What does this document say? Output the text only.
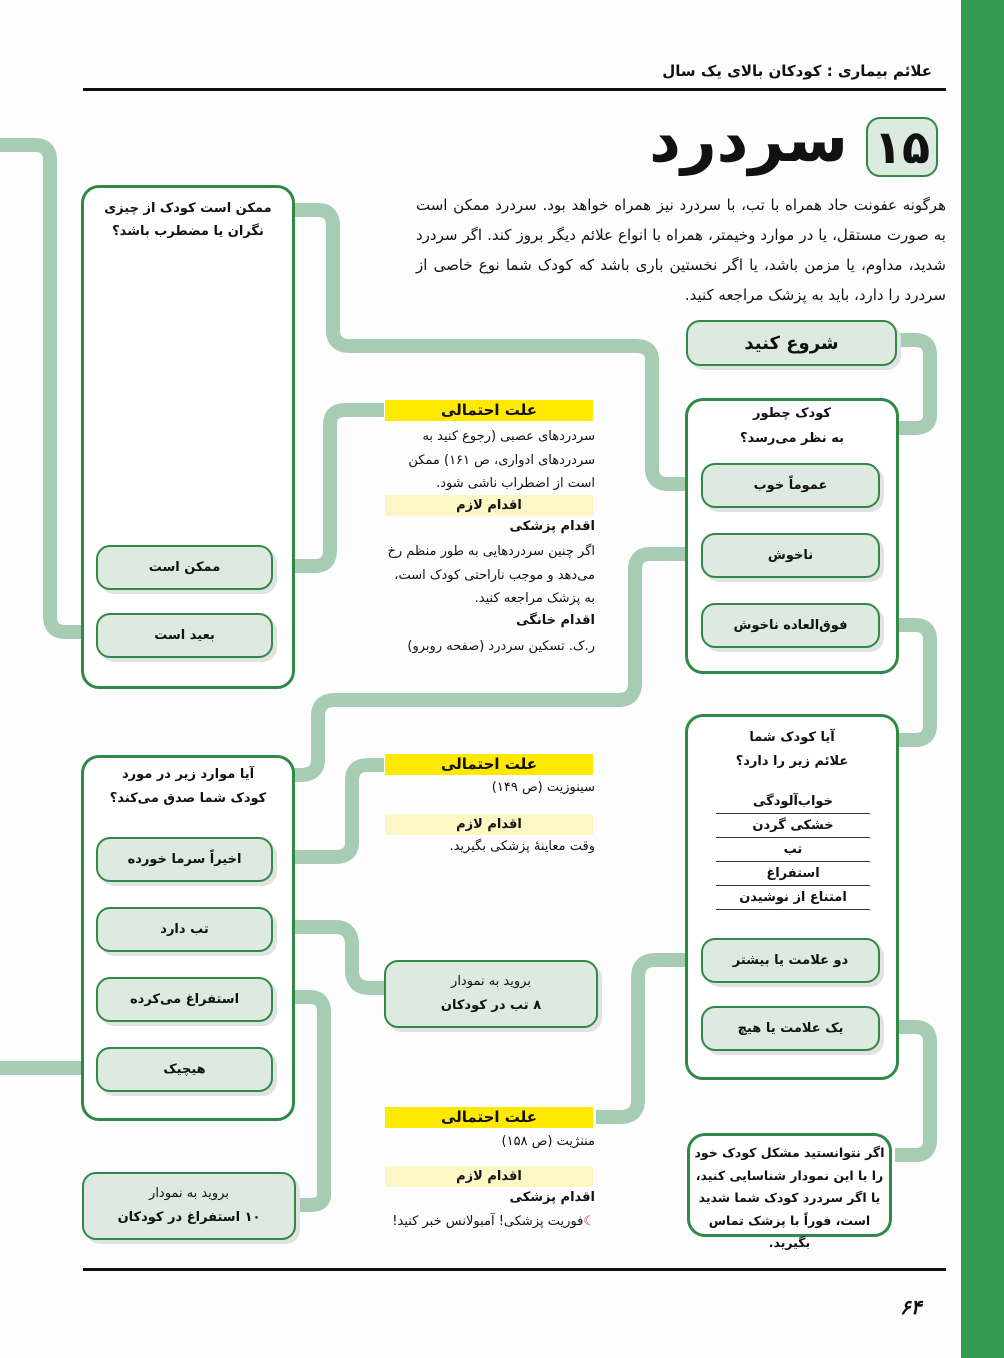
علائم بیماری : کودکان بالای یک سال
۱۵
سردرد
هرگونه عفونت حاد همراه با تب، با سردرد نیز همراه خواهد بود. سردرد ممکن است به صورت مستقل، یا در موارد وخیمتر، همراه با انواع علائم دیگر بروز کند. اگر سردرد شدید، مداوم، یا مزمن باشد، یا اگر نخستین باری باشد که کودک شما نوع خاصی از سردرد را دارد، باید به پزشک مراجعه کنید.
ممکن است کودک از چیزی
نگران یا مضطرب باشد؟
ممکن است
بعید است
شروع کنید
کودک چطور
به نظر می‌رسد؟
عموماً خوب
ناخوش
فوق‌العاده ناخوش
علت احتمالی
سردردهای عصبی (رجوع کنید به سردردهای ادواری، ص ۱۶۱) ممکن است از اضطراب ناشی شود.
اقدام لازم
اقدام پزشکی
اگر چنین سردردهایی به طور منظم رخ می‌دهد و موجب ناراحتی کودک است، به پزشک مراجعه کنید.
اقدام خانگی
ر.ک. تسکین سردرد (صفحه روبرو)
آیا کودک شما
علائم زیر را دارد؟
خواب‌آلودگی
خشکی گردن
تب
استفراغ
امتناع از نوشیدن
دو علامت یا بیشتر
یک علامت یا هیچ
آیا موارد زیر در مورد
کودک شما صدق می‌کند؟
اخیراً سرما خورده
تب دارد
استفراغ می‌کرده
هیچیک
علت احتمالی
سینوزیت (ص ۱۴۹)
اقدام لازم
وقت معاینهٔ پزشکی بگیرید.
بروید به نمودار
۸ تب در کودکان
علت احتمالی
مننژیت (ص ۱۵۸)
اقدام لازم
اقدام پزشکی
☾فوریت پزشکی! آمبولانس خبر کنید!
بروید به نمودار
۱۰ استفراغ در کودکان
اگر نتوانستید مشکل کودک خود را با این نمودار شناسایی کنید، یا اگر سردرد کودک شما شدید است، فوراً با پزشک تماس بگیرید.
۶۴
